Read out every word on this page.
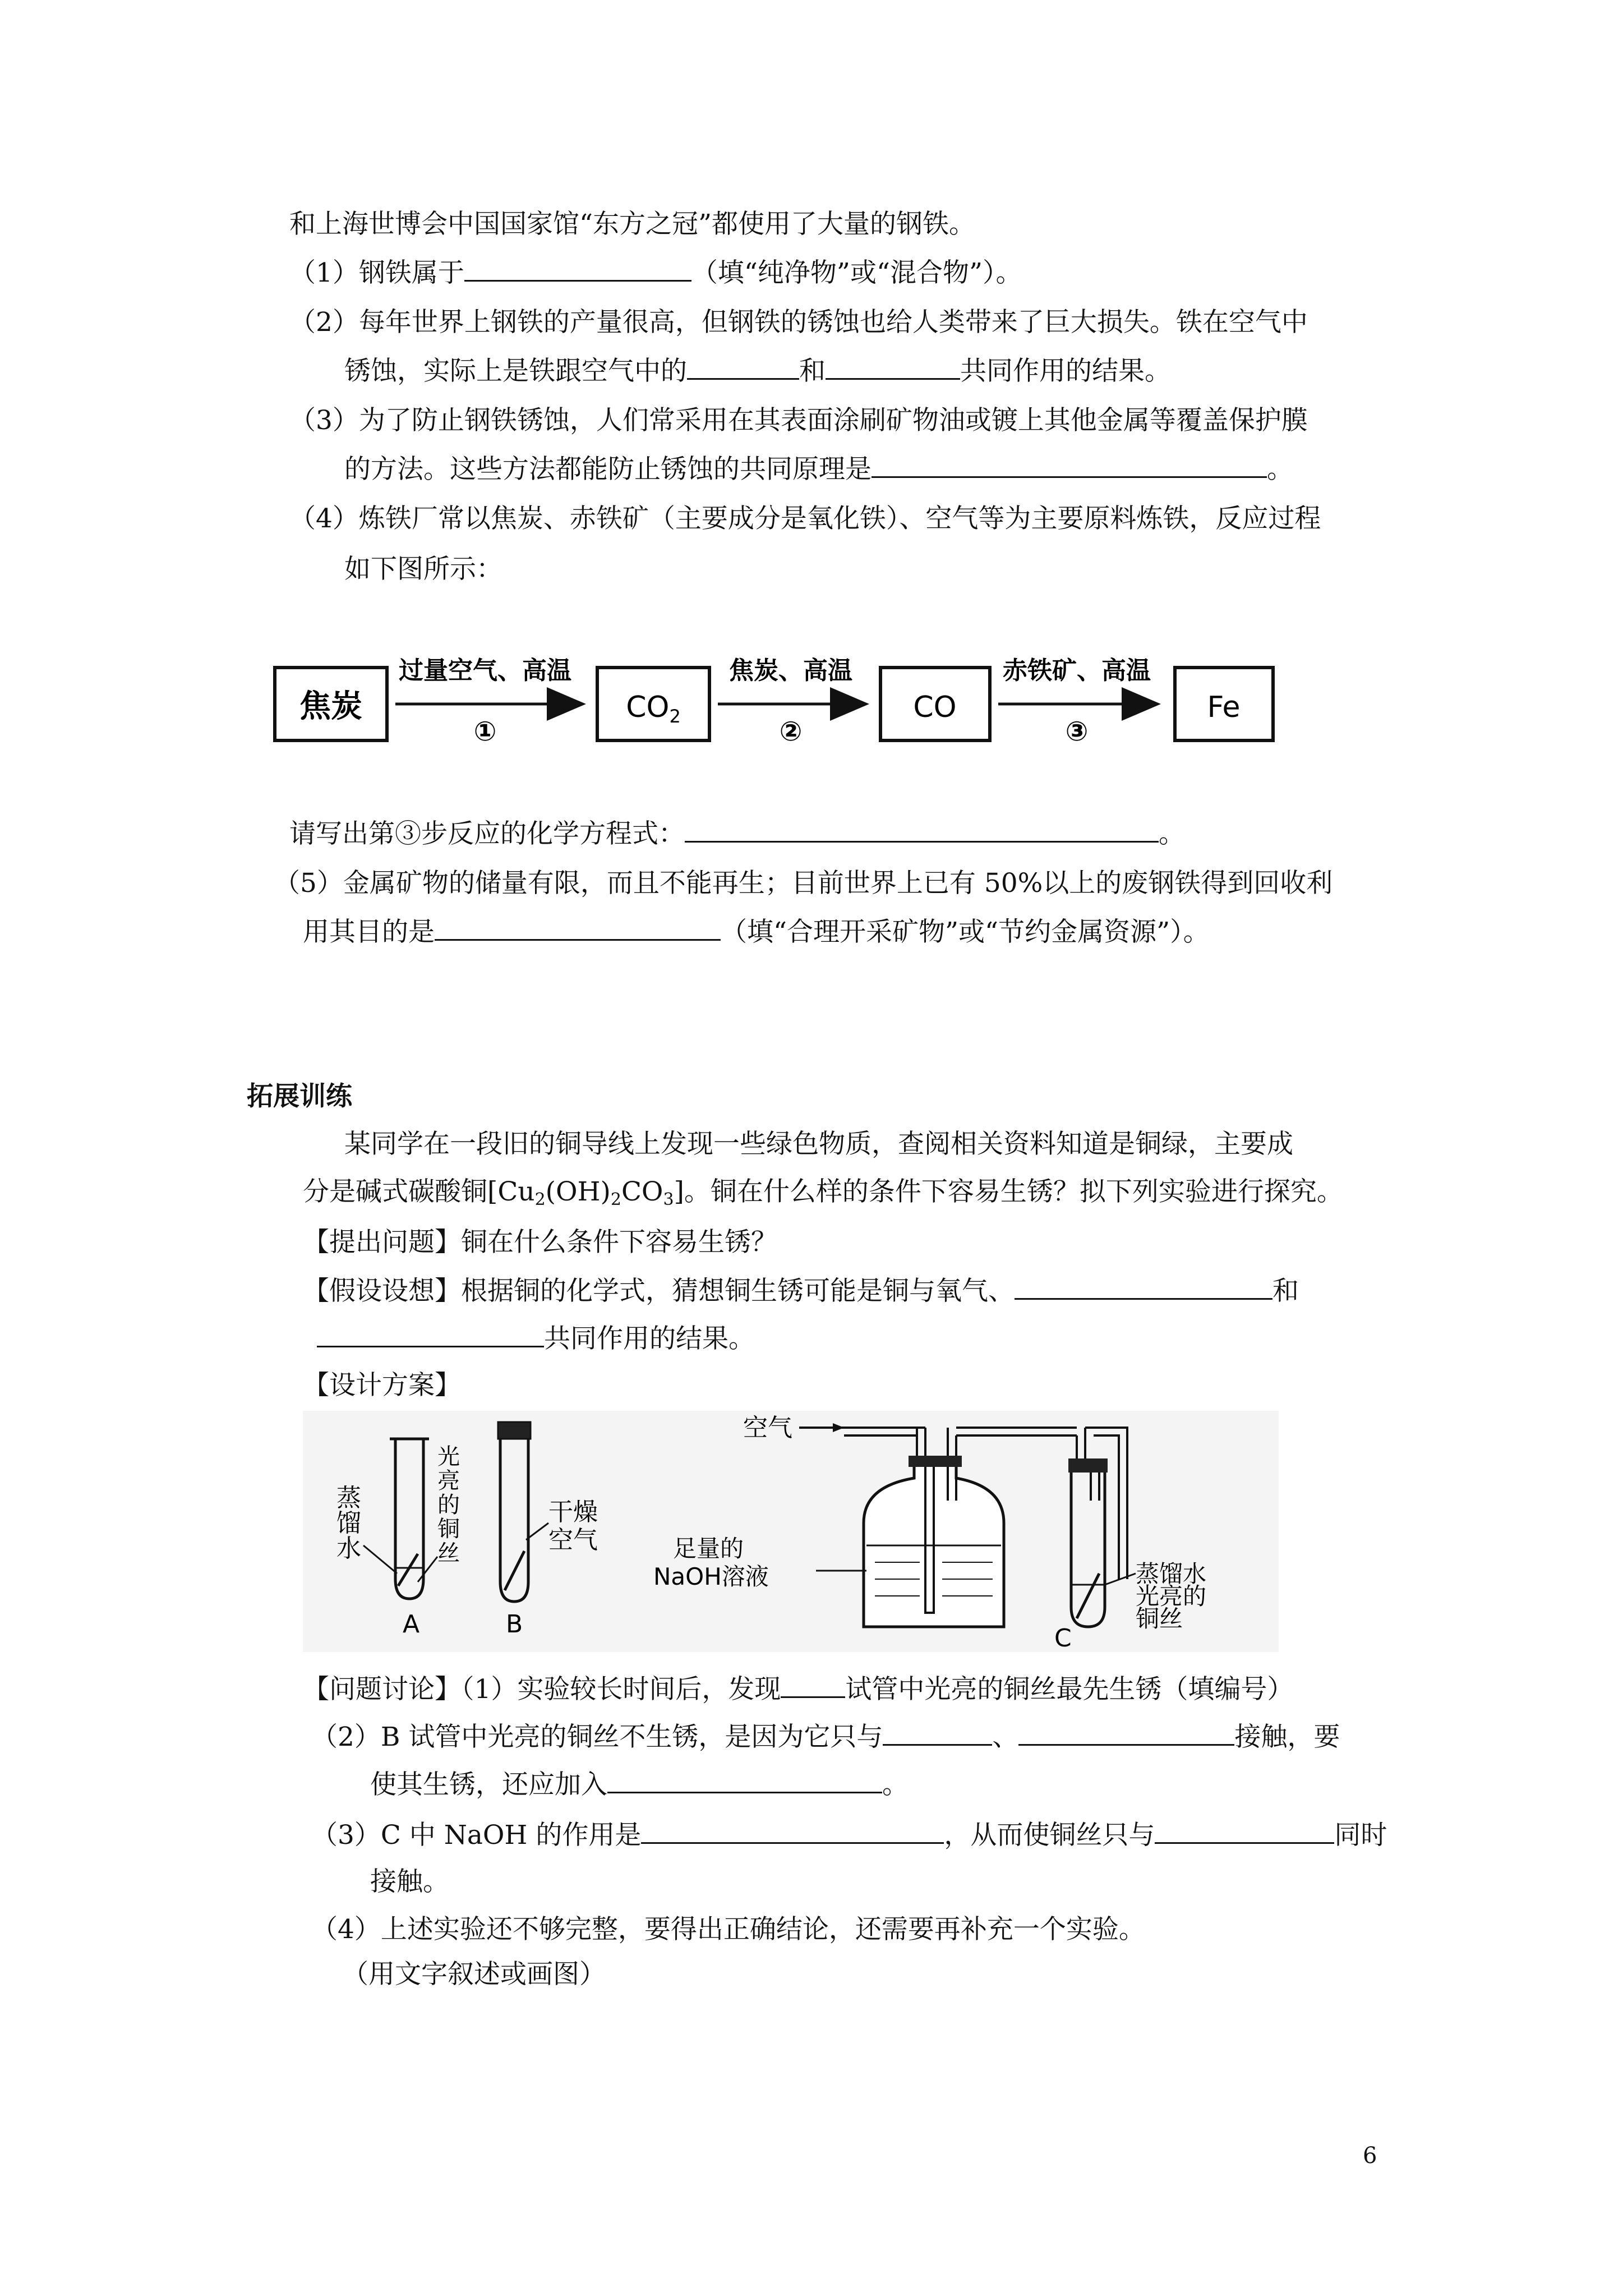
和上海世博会中国国家馆“东方之冠”都使用了大量的钢铁。
（1）钢铁属于	（填“纯净物”或“混合物”）。
（2）每年世界上钢铁的产量很高，但钢铁的锈蚀也给人类带来了巨大损失。铁在空气中
锈蚀，实际上是铁跟空气中的	和	共同作用的结果。
（3）为了防止钢铁锈蚀，人们常采用在其表面涂刷矿物油或镀上其他金属等覆盖保护膜
的方法。这些方法都能防止锈蚀的共同原理是	。
（4）炼铁厂常以焦炭、赤铁矿（主要成分是氧化铁）、空气等为主要原料炼铁，反应过程
如下图所示：
焦炭
过量空气、高温
①
CO2
焦炭、高温
②
CO
赤铁矿、高温
③
Fe
请写出第③步反应的化学方程式：	。
（5）金属矿物的储量有限，而且不能再生；目前世界上已有 50%以上的废钢铁得到回收利
用其目的是	（填“合理开采矿物”或“节约金属资源”）。
拓展训练
某同学在一段旧的铜导线上发现一些绿色物质，查阅相关资料知道是铜绿，主要成
分是碱式碳酸铜$[Cu_2(OH)_2CO_3]$。铜在什么样的条件下容易生锈？拟下列实验进行探究。
【提出问题】铜在什么条件下容易生锈？
【假设设想】根据铜的化学式，猜想铜生锈可能是铜与氧气、	和
共同作用的结果。
【设计方案】
蒸
馏
水
光
亮
的
铜
丝
A
干燥
空气
B
空气
足量的
NaOH溶液	蒸馏水
光亮的
铜丝
C
【问题讨论】（1）实验较长时间后，发现 试管中光亮的铜丝最先生锈（填编号）
（2）B 试管中光亮的铜丝不生锈，是因为它只与	、	接触，要
使其生锈，还应加入	。
（3）C 中 NaOH 的作用是	，从而使铜丝只与	同时
接触。
（4）上述实验还不够完整，要得出正确结论，还需要再补充一个实验。
（用文字叙述或画图）
6
